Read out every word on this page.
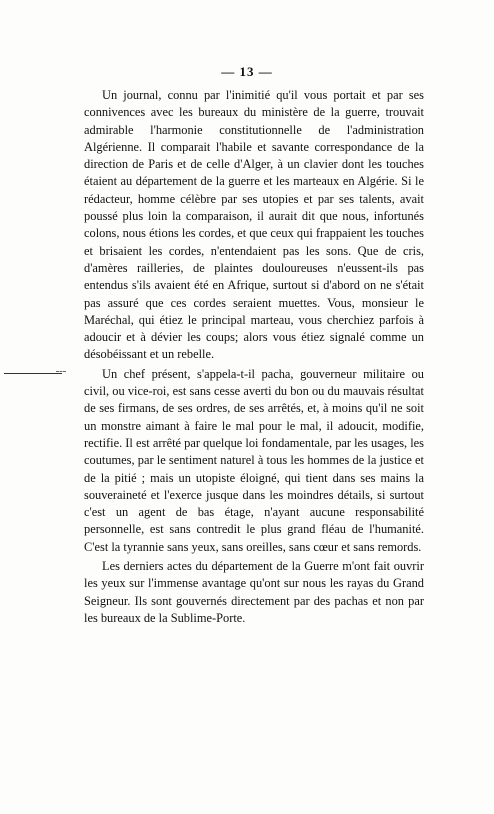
— 13 —

Un journal, connu par l'inimitié qu'il vous portait et par ses connivences avec les bureaux du ministère de la guerre, trouvait admirable l'harmonie constitutionnelle de l'administration Algérienne. Il comparait l'habile et savante correspondance de la direction de Paris et de celle d'Alger, à un clavier dont les touches étaient au département de la guerre et les marteaux en Algérie. Si le rédacteur, homme célèbre par ses utopies et par ses talents, avait poussé plus loin la comparaison, il aurait dit que nous, infortunés colons, nous étions les cordes, et que ceux qui frappaient les touches et brisaient les cordes, n'entendaient pas les sons. Que de cris, d'amères railleries, de plaintes douloureuses n'eussent-ils pas entendus s'ils avaient été en Afrique, surtout si d'abord on ne s'était pas assuré que ces cordes seraient muettes. Vous, monsieur le Maréchal, qui étiez le principal marteau, vous cherchiez parfois à adoucir et à dévier les coups; alors vous étiez signalé comme un désobéissant et un rebelle.

Un chef présent, s'appela-t-il pacha, gouverneur militaire ou civil, ou vice-roi, est sans cesse averti du bon ou du mauvais résultat de ses firmans, de ses ordres, de ses arrêtés, et, à moins qu'il ne soit un monstre aimant à faire le mal pour le mal, il adoucit, modifie, rectifie. Il est arrêté par quelque loi fondamentale, par les usages, les coutumes, par le sentiment naturel à tous les hommes de la justice et de la pitié ; mais un utopiste éloigné, qui tient dans ses mains la souveraineté et l'exerce jusque dans les moindres détails, si surtout c'est un agent de bas étage, n'ayant aucune responsabilité personnelle, est sans contredit le plus grand fléau de l'humanité. C'est la tyrannie sans yeux, sans oreilles, sans cœur et sans remords.

Les derniers actes du département de la Guerre m'ont fait ouvrir les yeux sur l'immense avantage qu'ont sur nous les rayas du Grand Seigneur. Ils sont gouvernés directement par des pachas et non par les bureaux de la Sublime-Porte.
